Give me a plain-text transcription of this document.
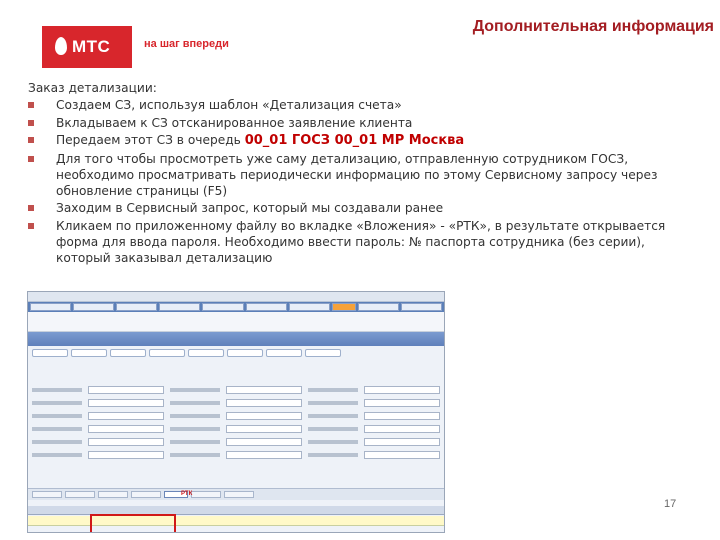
МТС	на шаг впереди
Дополнительная информация
Заказ детализации:
Создаем СЗ, используя шаблон «Детализация счета»
Вкладываем к СЗ отсканированное заявление клиента
Передаем этот СЗ в очередь 00_01 ГОСЗ 00_01 МР Москва
Для того чтобы просмотреть уже саму детализацию, отправленную сотрудником ГОСЗ, необходимо просматривать периодически информацию по этому Сервисному запросу через обновление страницы (F5)
Заходим в Сервисный запрос, который мы создавали ранее
Кликаем по приложенному файлу во вкладке «Вложения» - «РТК», в результате открывается форма для ввода пароля. Необходимо ввести пароль: № паспорта сотрудника (без серии), который заказывал детализацию
РТК
17
